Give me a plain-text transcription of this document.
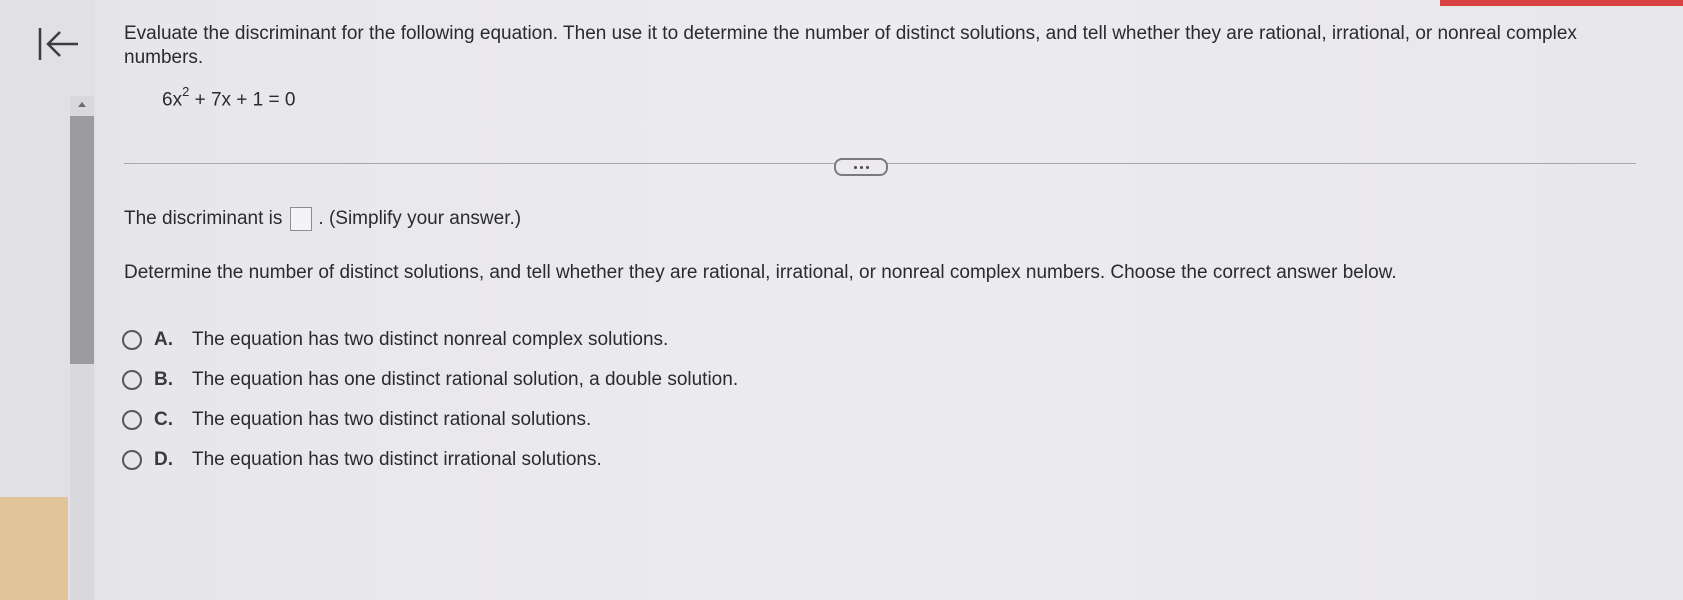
Evaluate the discriminant for the following equation. Then use it to determine the number of distinct solutions, and tell whether they are rational, irrational, or nonreal complex numbers.

$6x^2 + 7x + 1 = 0$
The discriminant is . (Simplify your answer.)
Determine the number of distinct solutions, and tell whether they are rational, irrational, or nonreal complex numbers. Choose the correct answer below.
A.	The equation has two distinct nonreal complex solutions.
B.	The equation has one distinct rational solution, a double solution.
C.	The equation has two distinct rational solutions.
D.	The equation has two distinct irrational solutions.
